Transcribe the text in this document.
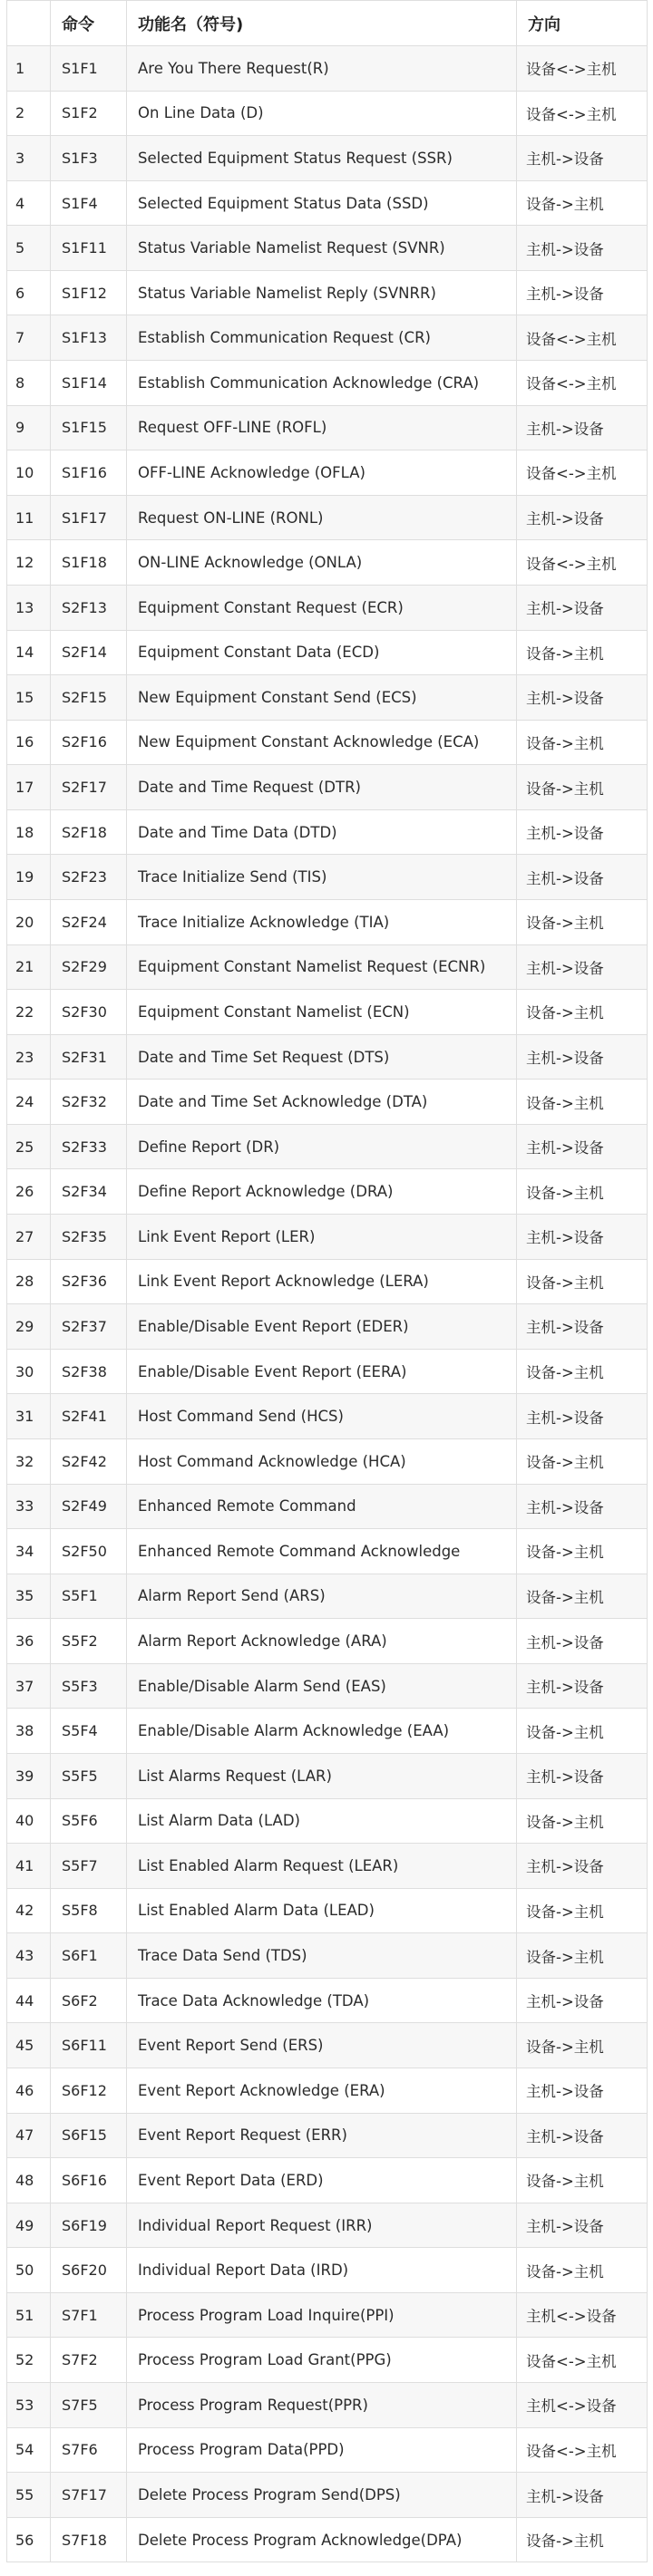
	命令	功能名（符号)	方向
1	S1F1	Are You There Request(R)	设备<->主机
2	S1F2	On Line Data (D)	设备<->主机
3	S1F3	Selected Equipment Status Request (SSR)	主机->设备
4	S1F4	Selected Equipment Status Data (SSD)	设备->主机
5	S1F11	Status Variable Namelist Request (SVNR)	主机->设备
6	S1F12	Status Variable Namelist Reply (SVNRR)	主机->设备
7	S1F13	Establish Communication Request (CR)	设备<->主机
8	S1F14	Establish Communication Acknowledge (CRA)	设备<->主机
9	S1F15	Request OFF-LINE (ROFL)	主机->设备
10	S1F16	OFF-LINE Acknowledge (OFLA)	设备<->主机
11	S1F17	Request ON-LINE (RONL)	主机->设备
12	S1F18	ON-LINE Acknowledge (ONLA)	设备<->主机
13	S2F13	Equipment Constant Request (ECR)	主机->设备
14	S2F14	Equipment Constant Data (ECD)	设备->主机
15	S2F15	New Equipment Constant Send (ECS)	主机->设备
16	S2F16	New Equipment Constant Acknowledge (ECA)	设备->主机
17	S2F17	Date and Time Request (DTR)	设备->主机
18	S2F18	Date and Time Data (DTD)	主机->设备
19	S2F23	Trace Initialize Send (TIS)	主机->设备
20	S2F24	Trace Initialize Acknowledge (TIA)	设备->主机
21	S2F29	Equipment Constant Namelist Request (ECNR)	主机->设备
22	S2F30	Equipment Constant Namelist (ECN)	设备->主机
23	S2F31	Date and Time Set Request (DTS)	主机->设备
24	S2F32	Date and Time Set Acknowledge (DTA)	设备->主机
25	S2F33	Define Report (DR)	主机->设备
26	S2F34	Define Report Acknowledge (DRA)	设备->主机
27	S2F35	Link Event Report (LER)	主机->设备
28	S2F36	Link Event Report Acknowledge (LERA)	设备->主机
29	S2F37	Enable/Disable Event Report (EDER)	主机->设备
30	S2F38	Enable/Disable Event Report (EERA)	设备->主机
31	S2F41	Host Command Send (HCS)	主机->设备
32	S2F42	Host Command Acknowledge (HCA)	设备->主机
33	S2F49	Enhanced Remote Command	主机->设备
34	S2F50	Enhanced Remote Command Acknowledge	设备->主机
35	S5F1	Alarm Report Send (ARS)	设备->主机
36	S5F2	Alarm Report Acknowledge (ARA)	主机->设备
37	S5F3	Enable/Disable Alarm Send (EAS)	主机->设备
38	S5F4	Enable/Disable Alarm Acknowledge (EAA)	设备->主机
39	S5F5	List Alarms Request (LAR)	主机->设备
40	S5F6	List Alarm Data (LAD)	设备->主机
41	S5F7	List Enabled Alarm Request (LEAR)	主机->设备
42	S5F8	List Enabled Alarm Data (LEAD)	设备->主机
43	S6F1	Trace Data Send (TDS)	设备->主机
44	S6F2	Trace Data Acknowledge (TDA)	主机->设备
45	S6F11	Event Report Send (ERS)	设备->主机
46	S6F12	Event Report Acknowledge (ERA)	主机->设备
47	S6F15	Event Report Request (ERR)	主机->设备
48	S6F16	Event Report Data (ERD)	设备->主机
49	S6F19	Individual Report Request (IRR)	主机->设备
50	S6F20	Individual Report Data (IRD)	设备->主机
51	S7F1	Process Program Load Inquire(PPI)	主机<->设备
52	S7F2	Process Program Load Grant(PPG)	设备<->主机
53	S7F5	Process Program Request(PPR)	主机<->设备
54	S7F6	Process Program Data(PPD)	设备<->主机
55	S7F17	Delete Process Program Send(DPS)	主机->设备
56	S7F18	Delete Process Program Acknowledge(DPA)	设备->主机
